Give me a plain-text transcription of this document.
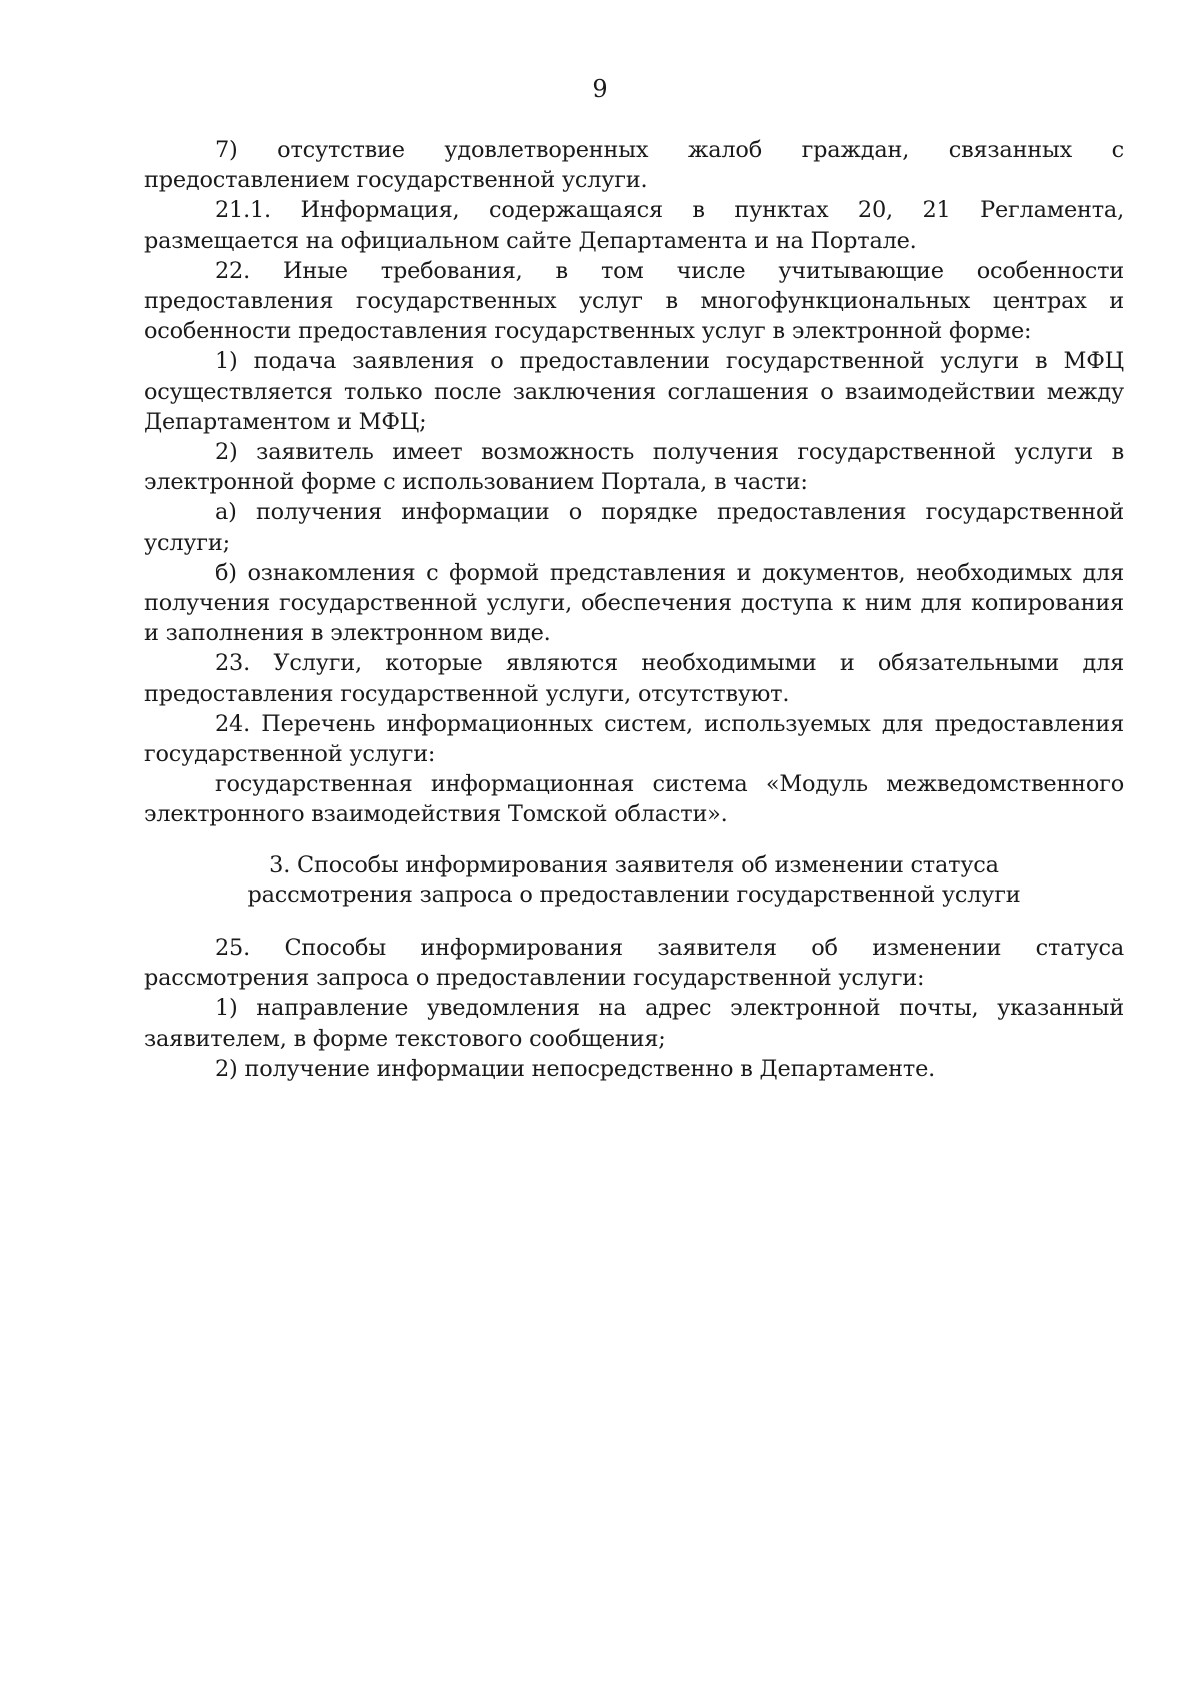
9

7) отсутствие удовлетворенных жалоб граждан, связанных с предоставлением государственной услуги.

21.1. Информация, содержащаяся в пунктах 20, 21 Регламента, размещается на официальном сайте Департамента и на Портале.

22. Иные требования, в том числе учитывающие особенности предоставления государственных услуг в многофункциональных центрах и особенности предоставления государственных услуг в электронной форме:

1) подача заявления о предоставлении государственной услуги в МФЦ осуществляется только после заключения соглашения о взаимодействии между Департаментом и МФЦ;

2) заявитель имеет возможность получения государственной услуги в электронной форме с использованием Портала, в части:

а) получения информации о порядке предоставления государственной услуги;

б) ознакомления с формой представления и документов, необходимых для получения государственной услуги, обеспечения доступа к ним для копирования и заполнения в электронном виде.

23. Услуги, которые являются необходимыми и обязательными для предоставления государственной услуги, отсутствуют.

24. Перечень информационных систем, используемых для предоставления государственной услуги:

государственная информационная система «Модуль межведомственного электронного взаимодействия Томской области».

3. Способы информирования заявителя об изменении статуса
рассмотрения запроса о предоставлении государственной услуги

25. Способы информирования заявителя об изменении статуса рассмотрения запроса о предоставлении государственной услуги:

1) направление уведомления на адрес электронной почты, указанный заявителем, в форме текстового сообщения;

2) получение информации непосредственно в Департаменте.
